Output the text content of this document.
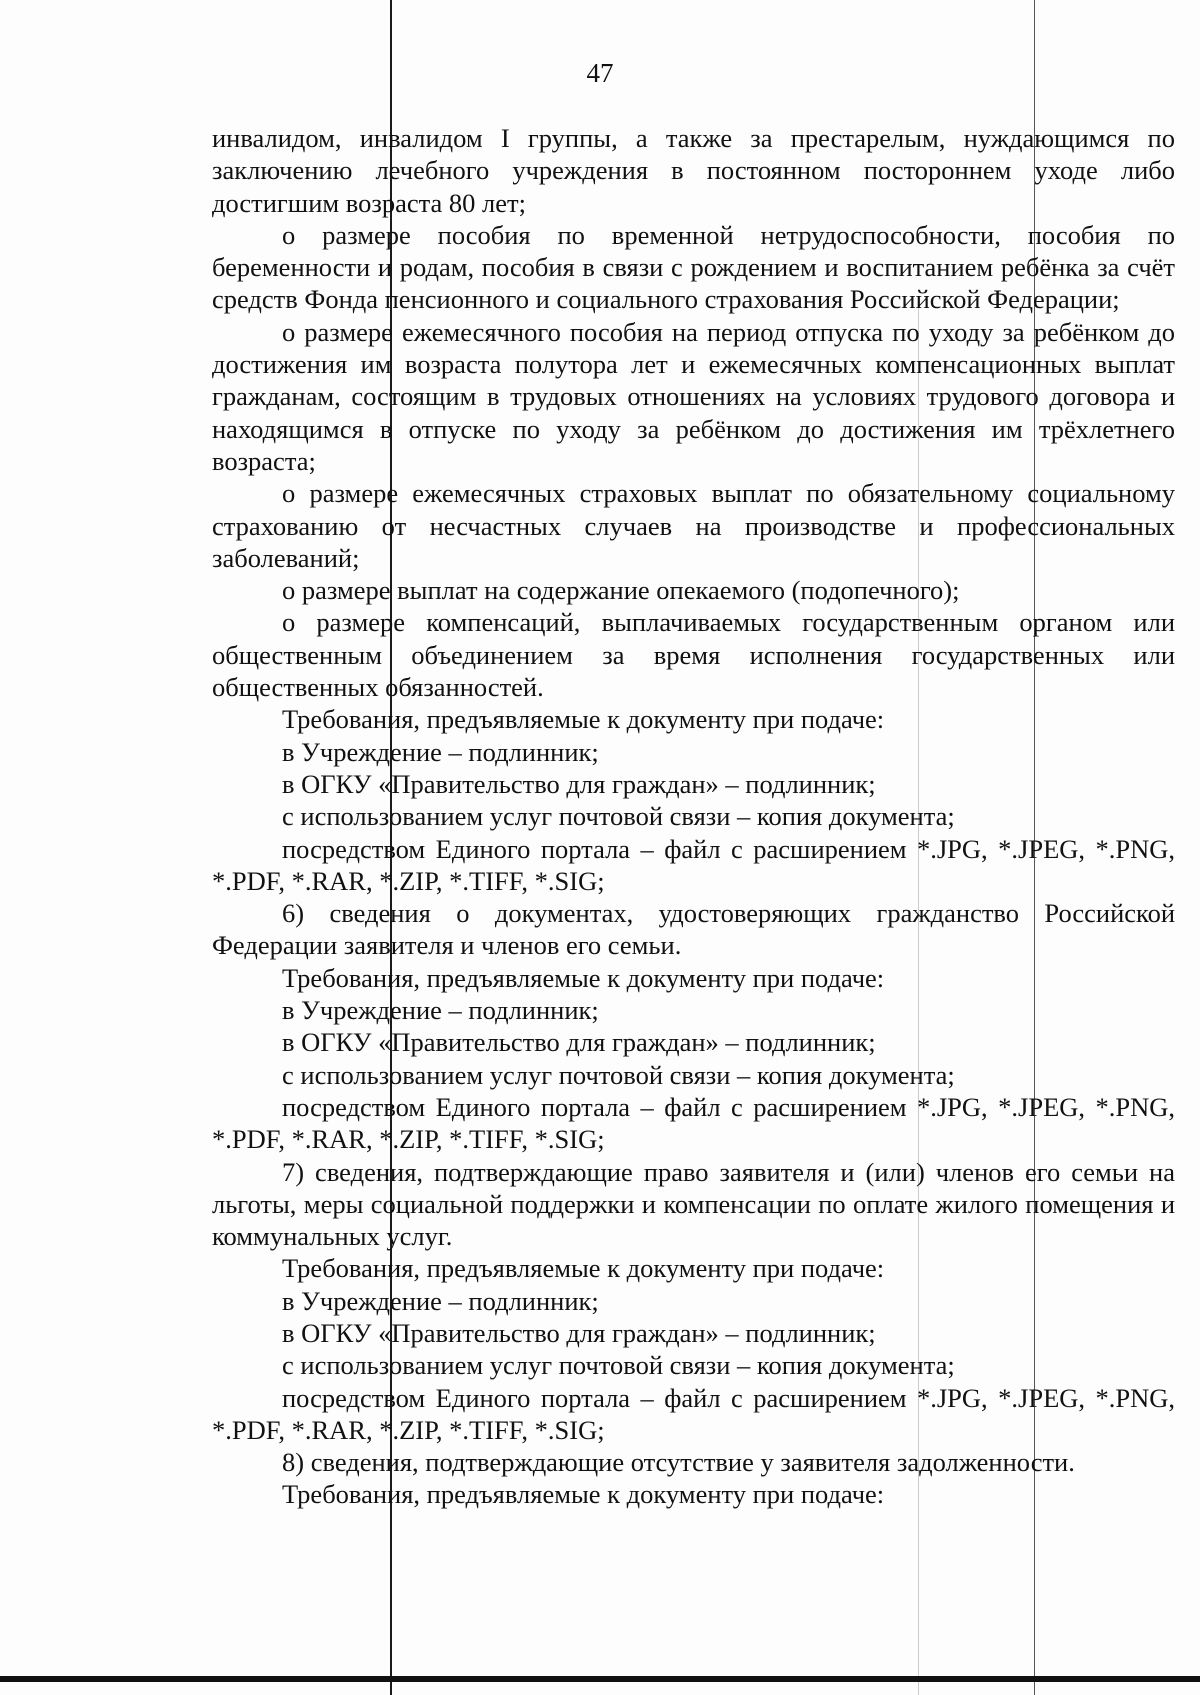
47

инвалидом, инвалидом I группы, а также за престарелым, нуждающимся по заключению лечебного учреждения в постоянном постороннем уходе либо достигшим возраста 80 лет;

о размере пособия по временной нетрудоспособности, пособия по беременности и родам, пособия в связи с рождением и воспитанием ребёнка за счёт средств Фонда пенсионного и социального страхования Российской Федерации;

о размере ежемесячного пособия на период отпуска по уходу за ребёнком до достижения им возраста полутора лет и ежемесячных компенсационных выплат гражданам, состоящим в трудовых отношениях на условиях трудового договора и находящимся в отпуске по уходу за ребёнком до достижения им трёхлетнего возраста;

о размере ежемесячных страховых выплат по обязательному социальному страхованию от несчастных случаев на производстве и профессиональных заболеваний;

о размере выплат на содержание опекаемого (подопечного);

о размере компенсаций, выплачиваемых государственным органом или общественным объединением за время исполнения государственных или общественных обязанностей.

Требования, предъявляемые к документу при подаче:

в Учреждение – подлинник;

в ОГКУ «Правительство для граждан» – подлинник;

с использованием услуг почтовой связи – копия документа;

посредством Единого портала – файл с расширением *.JPG, *.JPEG, *.PNG, *.PDF, *.RAR, *.ZIP, *.TIFF, *.SIG;

6) сведения о документах, удостоверяющих гражданство Российской Федерации заявителя и членов его семьи.

Требования, предъявляемые к документу при подаче:

в Учреждение – подлинник;

в ОГКУ «Правительство для граждан» – подлинник;

с использованием услуг почтовой связи – копия документа;

посредством Единого портала – файл с расширением *.JPG, *.JPEG, *.PNG, *.PDF, *.RAR, *.ZIP, *.TIFF, *.SIG;

7) сведения, подтверждающие право заявителя и (или) членов его семьи на льготы, меры социальной поддержки и компенсации по оплате жилого помещения и коммунальных услуг.

Требования, предъявляемые к документу при подаче:

в Учреждение – подлинник;

в ОГКУ «Правительство для граждан» – подлинник;

с использованием услуг почтовой связи – копия документа;

посредством Единого портала – файл с расширением *.JPG, *.JPEG, *.PNG, *.PDF, *.RAR, *.ZIP, *.TIFF, *.SIG;

8) сведения, подтверждающие отсутствие у заявителя задолженности.

Требования, предъявляемые к документу при подаче:
